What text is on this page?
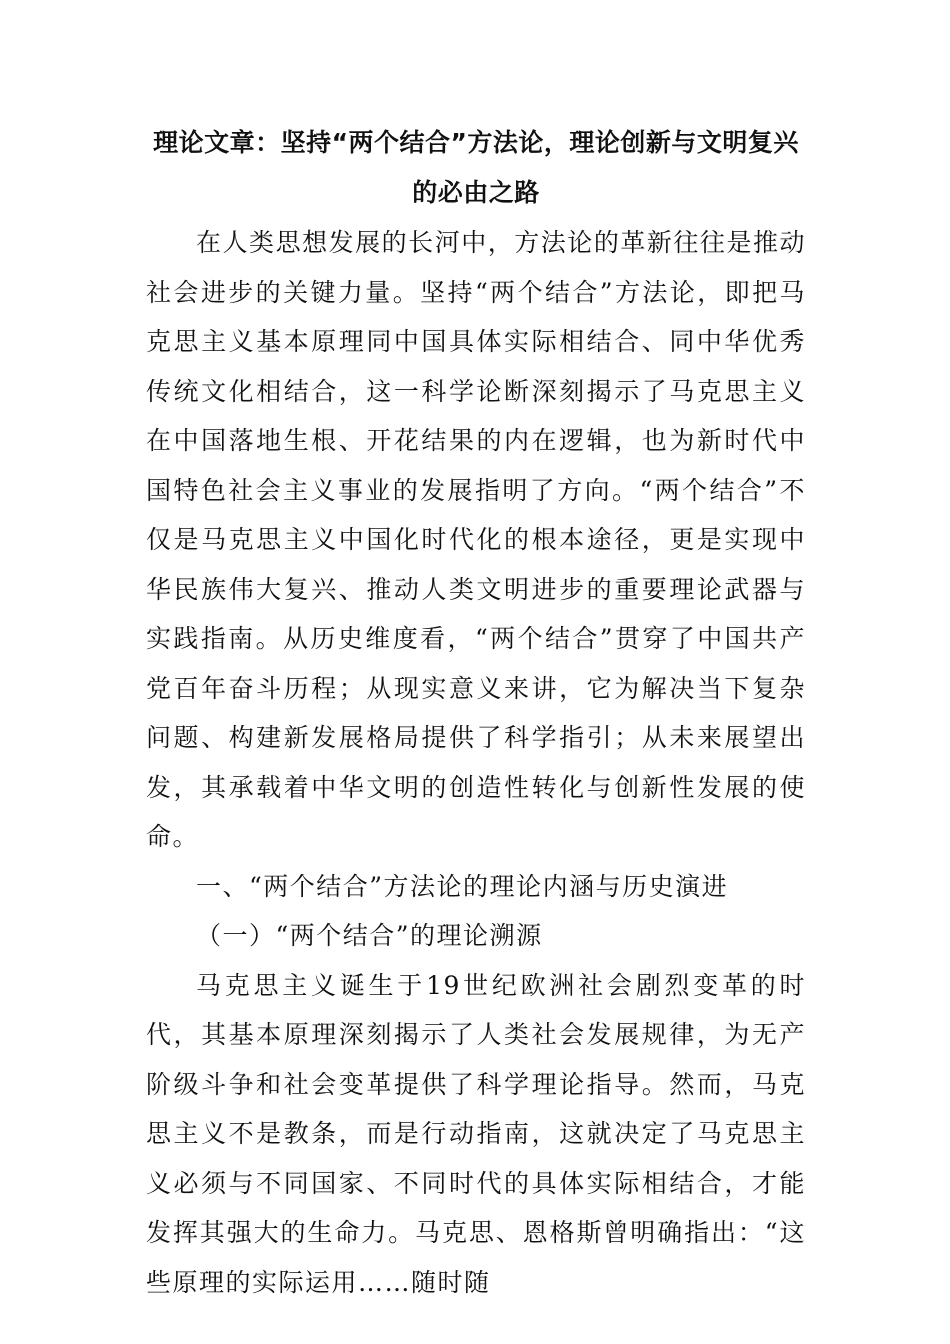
理论文章：坚持“两个结合”方法论，理论创新与文明复兴的必由之路

在人类思想发展的长河中，方法论的革新往往是推动社会进步的关键力量。坚持“两个结合”方法论，即把马克思主义基本原理同中国具体实际相结合、同中华优秀传统文化相结合，这一科学论断深刻揭示了马克思主义在中国落地生根、开花结果的内在逻辑，也为新时代中国特色社会主义事业的发展指明了方向。“两个结合”不仅是马克思主义中国化时代化的根本途径，更是实现中华民族伟大复兴、推动人类文明进步的重要理论武器与实践指南。从历史维度看，“两个结合”贯穿了中国共产党百年奋斗历程；从现实意义来讲，它为解决当下复杂问题、构建新发展格局提供了科学指引；从未来展望出发，其承载着中华文明的创造性转化与创新性发展的使命。

一、“两个结合”方法论的理论内涵与历史演进

（一）“两个结合”的理论溯源

马克思主义诞生于19世纪欧洲社会剧烈变革的时代，其基本原理深刻揭示了人类社会发展规律，为无产阶级斗争和社会变革提供了科学理论指导。然而，马克思主义不是教条，而是行动指南，这就决定了马克思主义必须与不同国家、不同时代的具体实际相结合，才能发挥其强大的生命力。马克思、恩格斯曾明确指出：“这些原理的实际运用……随时随
